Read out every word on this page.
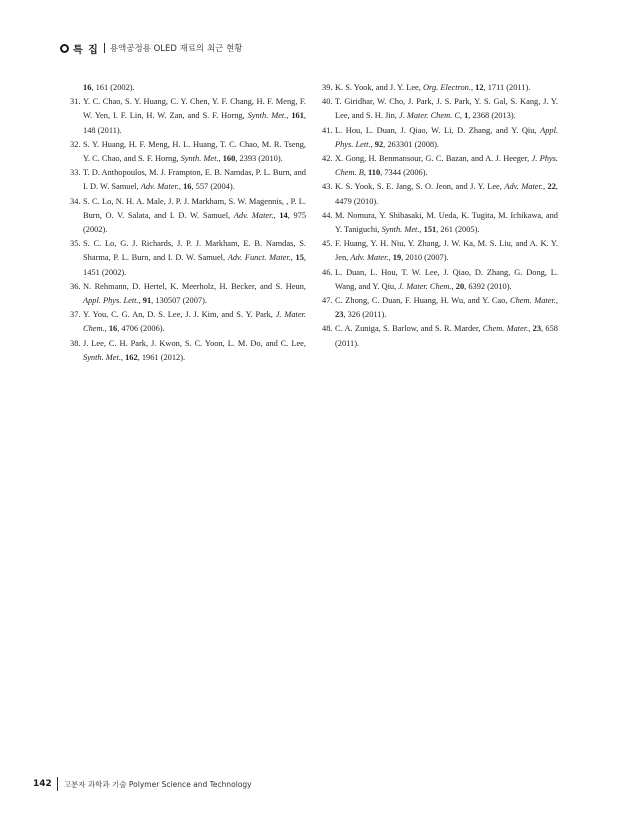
특 집 용액공정용 OLED 재료의 최근 현황
16, 161 (2002).
31. Y. C. Chao, S. Y. Huang, C. Y. Chen, Y. F. Chang, H. F. Meng, F. W. Yen, I. F. Lin, H. W. Zan, and S. F. Horng, Synth. Met., 161, 148 (2011).
32. S. Y. Huang, H. F. Meng, H. L. Huang, T. C. Chao, M. R. Tseng, Y. C. Chao, and S. F. Horng, Synth. Met., 160, 2393 (2010).
33. T. D. Anthopoulos, M. J. Frampton, E. B. Namdas, P. L. Burn, and I. D. W. Samuel, Adv. Mater., 16, 557 (2004).
34. S. C. Lo, N. H. A. Male, J. P. J. Markham, S. W. Magennis, , P. L. Burn, O. V. Salata, and I. D. W. Samuel, Adv. Mater., 14, 975 (2002).
35. S. C. Lo, G. J. Richards, J. P. J. Markham, E. B. Namdas, S. Sharma, P. L. Burn, and I. D. W. Samuel, Adv. Funct. Mater., 15, 1451 (2002).
36. N. Rehmann, D. Hertel, K. Meerholz, H. Becker, and S. Heun, Appl. Phys. Lett., 91, 130507 (2007).
37. Y. You, C. G. An, D. S. Lee, J. J. Kim, and S. Y. Park, J. Mater. Chem., 16, 4706 (2006).
38. J. Lee, C. H. Park, J. Kwon, S. C. Yoon, L. M. Do, and C. Lee, Synth. Met., 162, 1961 (2012).
39. K. S. Yook, and J. Y. Lee, Org. Electron., 12, 1711 (2011).
40. T. Giridhar, W. Cho, J. Park, J. S. Park, Y. S. Gal, S. Kang, J. Y. Lee, and S. H. Jin, J. Mater. Chem. C, 1, 2368 (2013).
41. L. Hou, L. Duan, J. Qiao, W. Li, D. Zhang, and Y. Qiu, Appl. Phys. Lett., 92, 263301 (2008).
42. X. Gong, H. Benmansour, G. C. Bazan, and A. J. Heeger, J. Phys. Chem. B, 110, 7344 (2006).
43. K. S. Yook, S. E. Jang, S. O. Jeon, and J. Y. Lee, Adv. Mater., 22, 4479 (2010).
44. M. Nomura, Y. Shibasaki, M. Ueda, K. Tugita, M. Ichikawa, and Y. Taniguchi, Synth. Met., 151, 261 (2005).
45. F. Huang, Y. H. Niu, Y. Zhang, J. W. Ka, M. S. Liu, and A. K. Y. Jen, Adv. Mater., 19, 2010 (2007).
46. L. Duan, L. Hou, T. W. Lee, J. Qiao, D. Zhang, G. Dong, L. Wang, and Y. Qiu, J. Mater. Chem., 20, 6392 (2010).
47. C. Zhong, C. Duan, F. Huang, H. Wu, and Y. Cao, Chem. Mater., 23, 326 (2011).
48. C. A. Zuniga, S. Barlow, and S. R. Marder, Chem. Mater., 23, 658 (2011).
142 고분자 과학과 기술 Polymer Science and Technology
